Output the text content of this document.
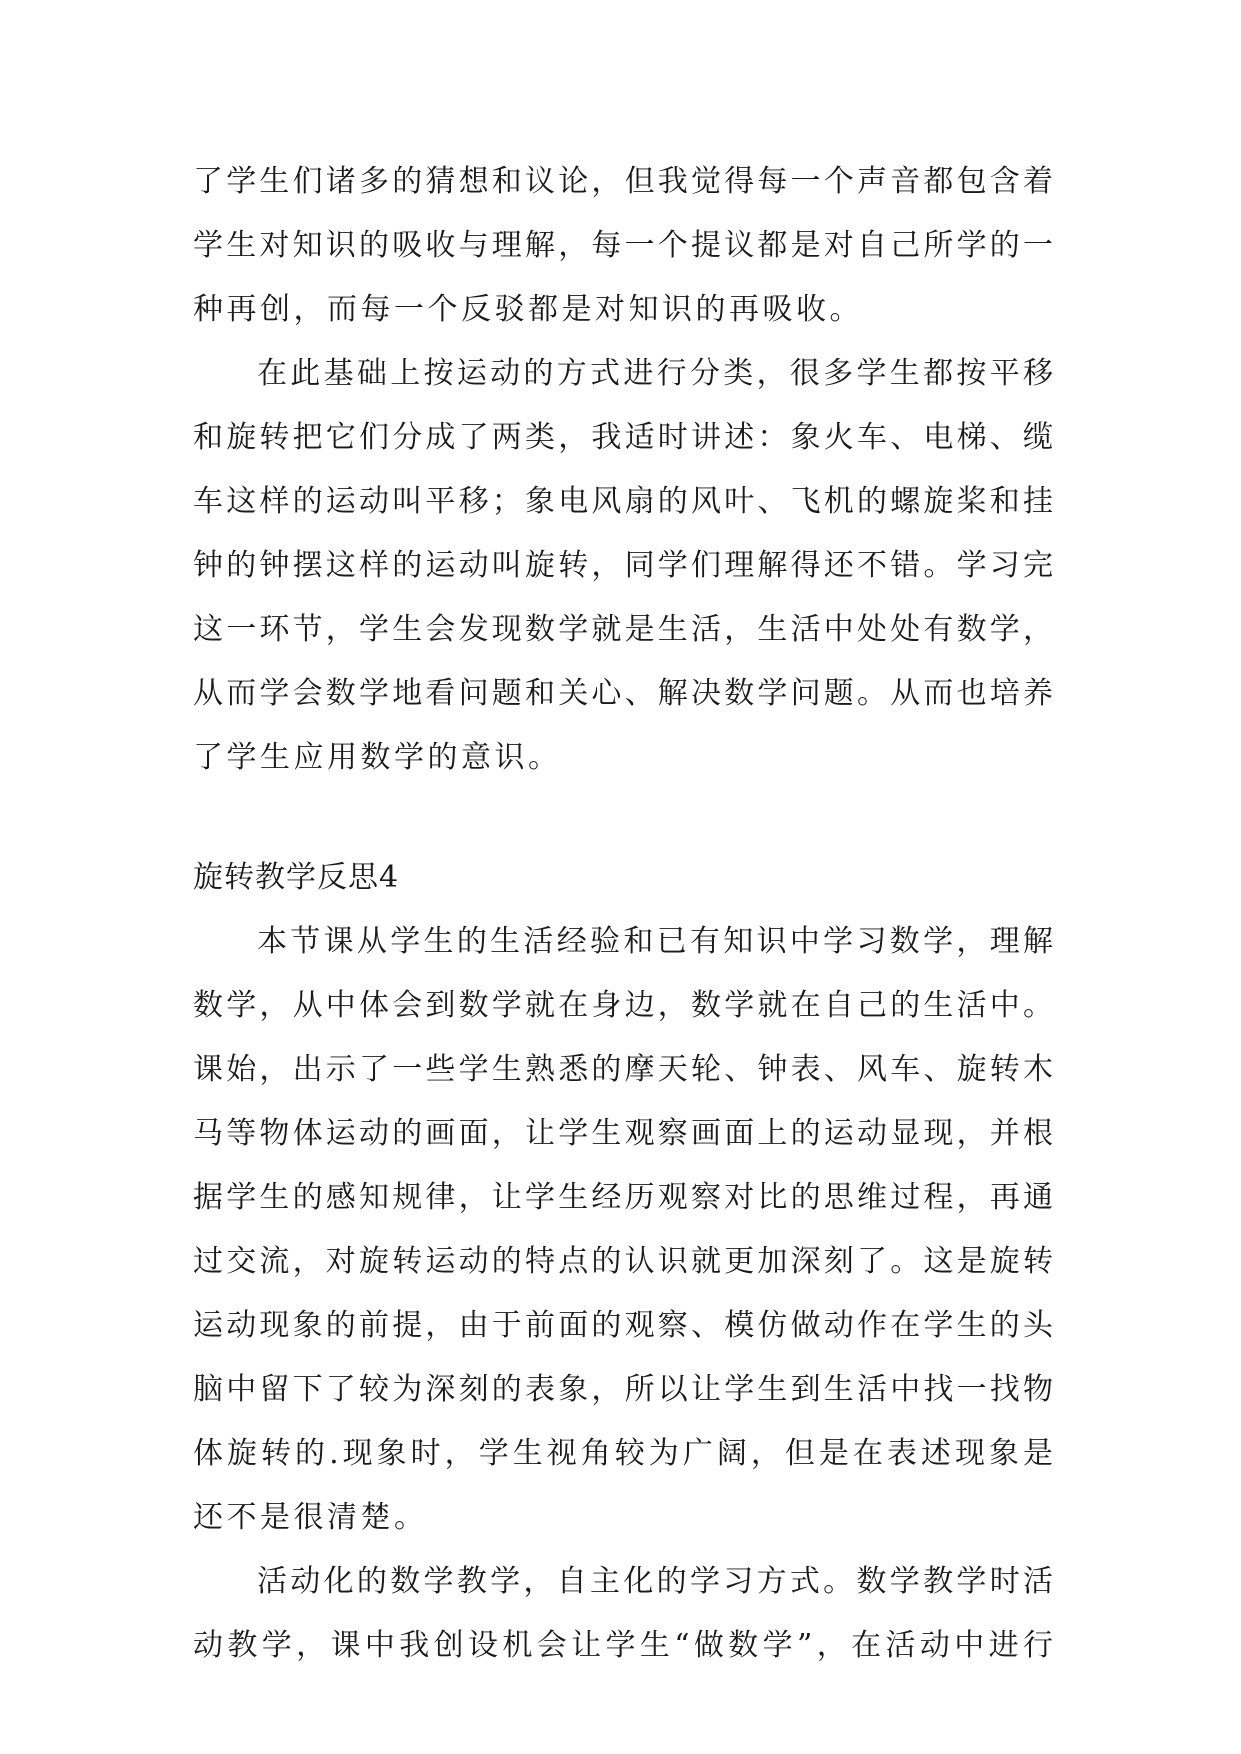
了学生们诸多的猜想和议论，但我觉得每一个声音都包含着
学生对知识的吸收与理解，每一个提议都是对自己所学的一
种再创，而每一个反驳都是对知识的再吸收。
在此基础上按运动的方式进行分类，很多学生都按平移
和旋转把它们分成了两类，我适时讲述：象火车、电梯、缆
车这样的运动叫平移；象电风扇的风叶、飞机的螺旋桨和挂
钟的钟摆这样的运动叫旋转，同学们理解得还不错。学习完
这一环节，学生会发现数学就是生活，生活中处处有数学，
从而学会数学地看问题和关心、解决数学问题。从而也培养
了学生应用数学的意识。
旋转教学反思4
本节课从学生的生活经验和已有知识中学习数学，理解
数学，从中体会到数学就在身边，数学就在自己的生活中。
课始，出示了一些学生熟悉的摩天轮、钟表、风车、旋转木
马等物体运动的画面，让学生观察画面上的运动显现，并根
据学生的感知规律，让学生经历观察对比的思维过程，再通
过交流，对旋转运动的特点的认识就更加深刻了。这是旋转
运动现象的前提，由于前面的观察、模仿做动作在学生的头
脑中留下了较为深刻的表象，所以让学生到生活中找一找物
体旋转的.现象时，学生视角较为广阔，但是在表述现象是
还不是很清楚。
活动化的数学教学，自主化的学习方式。数学教学时活
动教学，课中我创设机会让学生“做数学”，在活动中进行
